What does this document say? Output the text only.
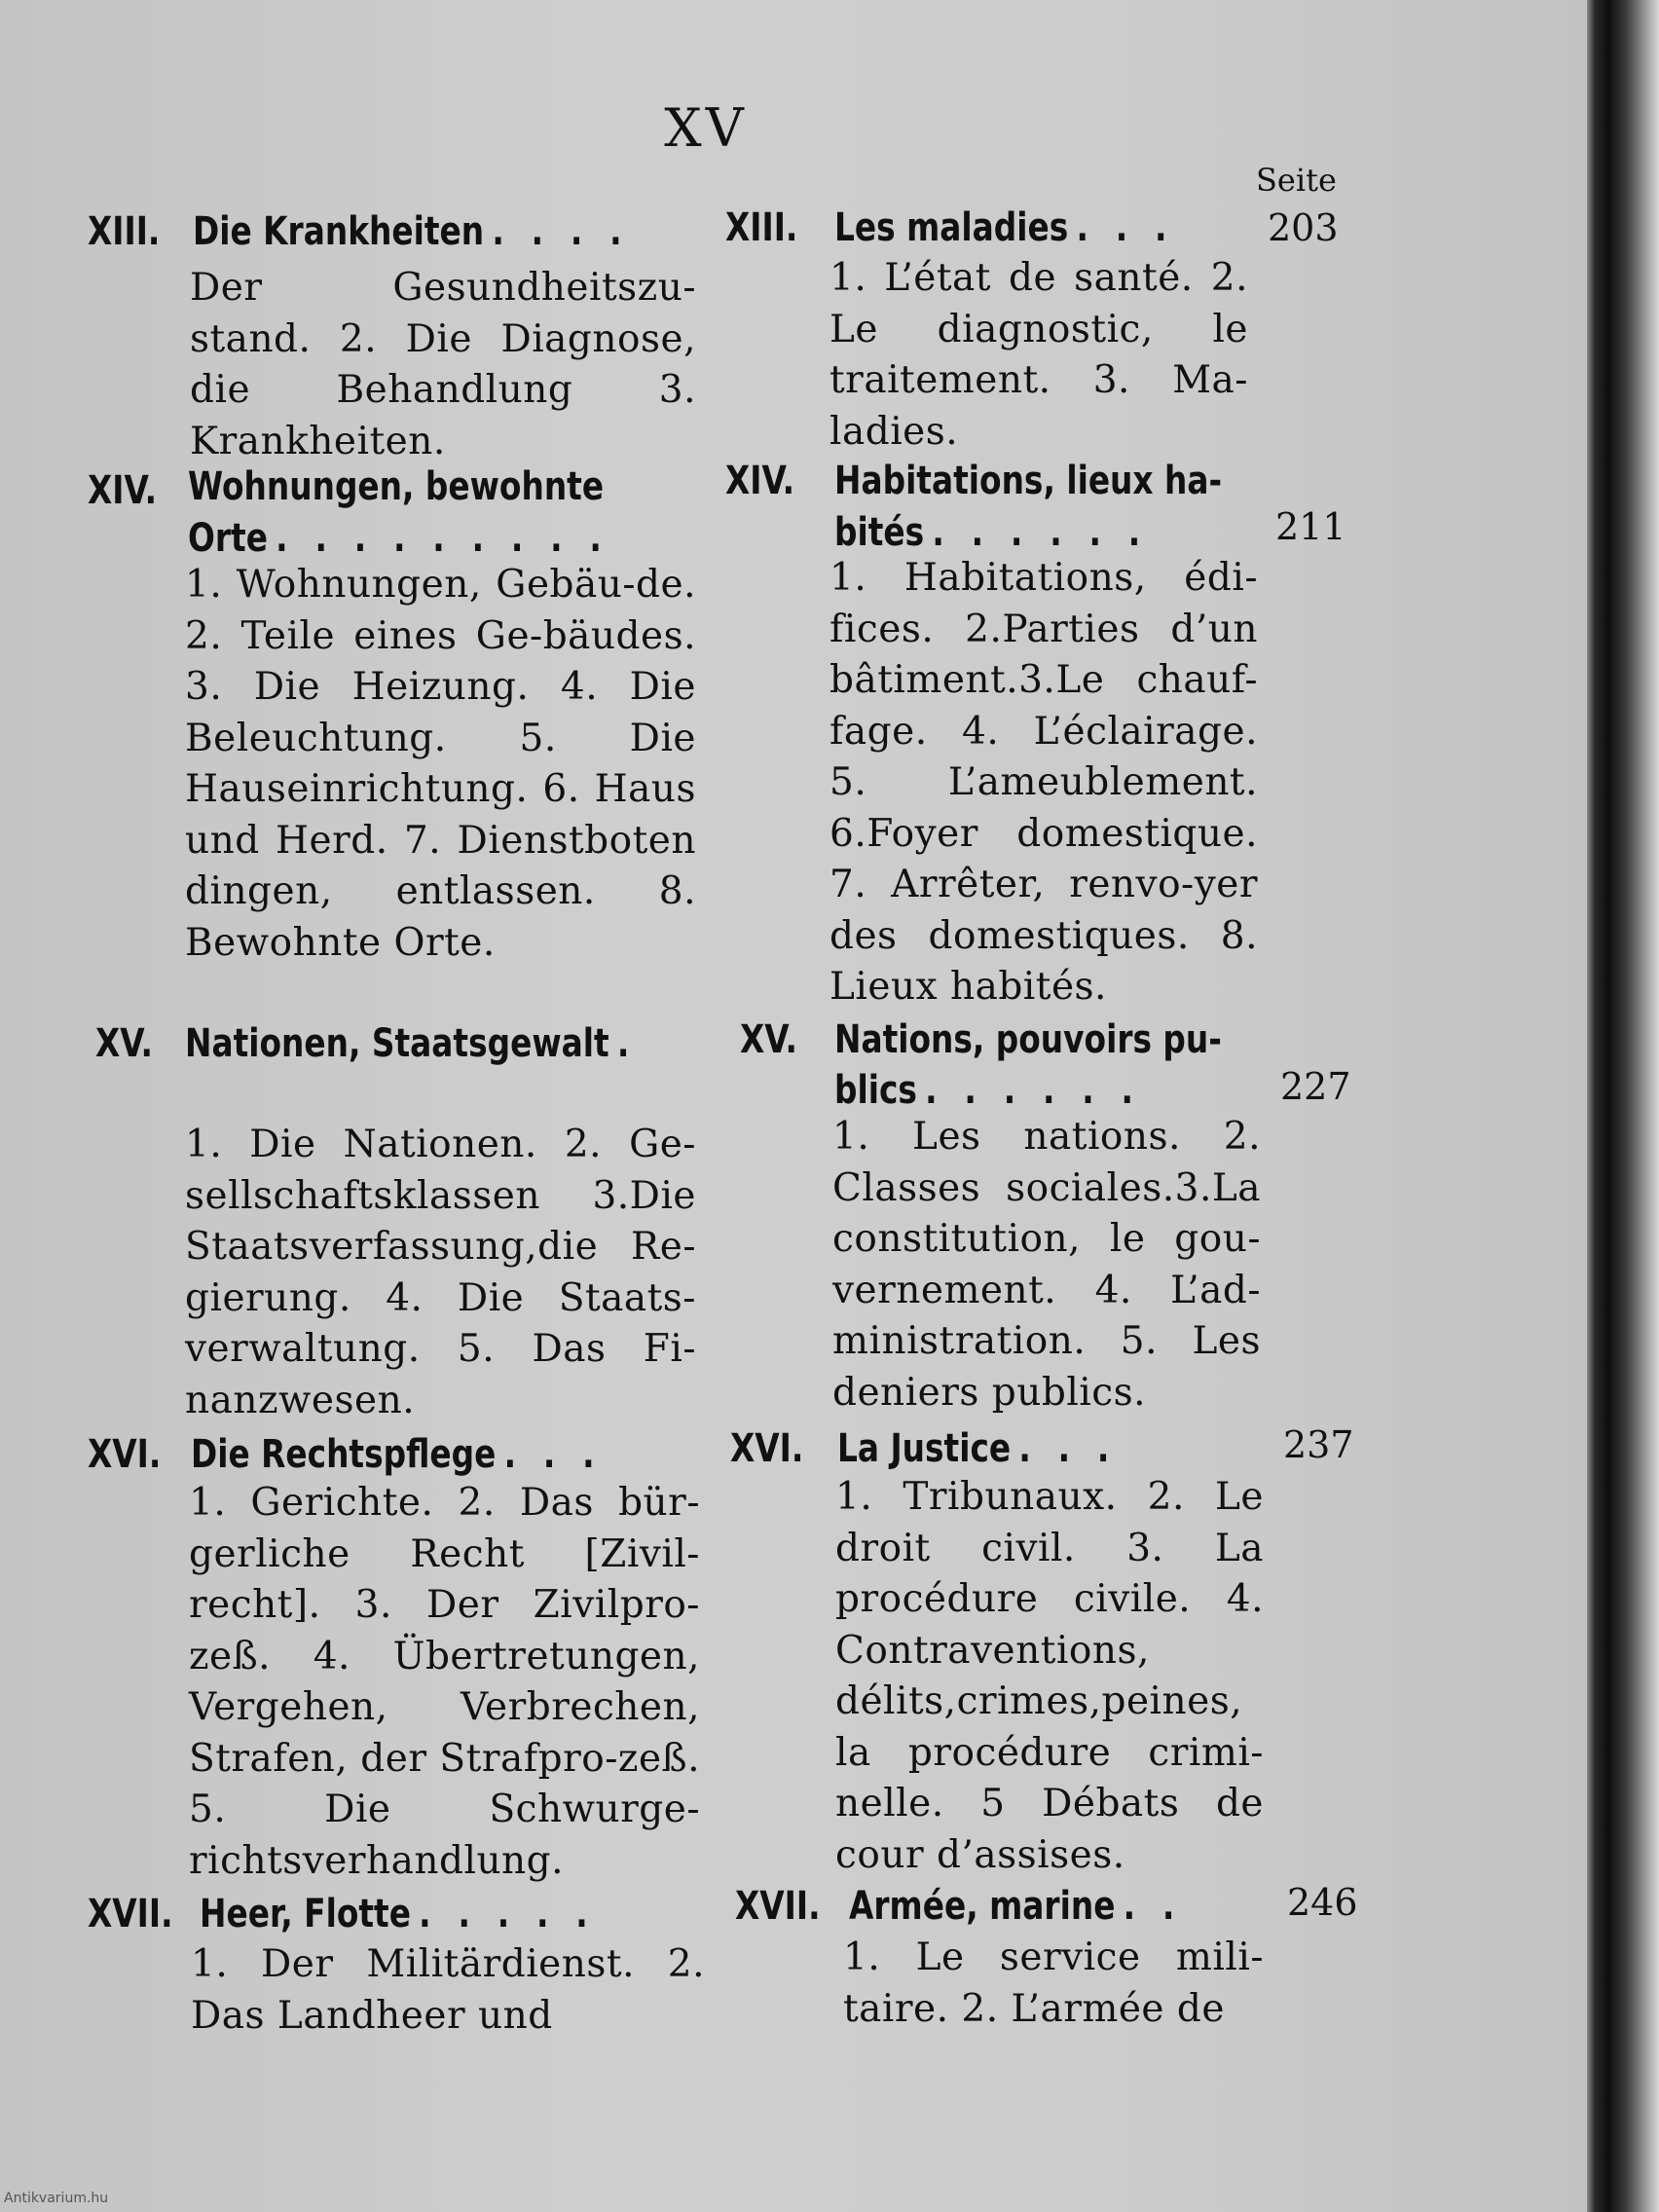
XV
Seite
XIII. Die Krankheiten . . . .
Der Gesundheitszu-stand. 2. Die Diagnose, die Behandlung 3. Krankheiten.
XIII. Les maladies . . .
1. L’état de santé. 2. Le diagnostic, le traitement. 3. Ma-ladies.
203
XIV. Wohnungen, bewohnte
Orte . . . . . . . . .
1. Wohnungen, Gebäu-de. 2. Teile eines Ge-bäudes. 3. Die Heizung. 4. Die Beleuchtung. 5. Die Hauseinrichtung. 6. Haus und Herd. 7. Dienstboten dingen, entlassen. 8. Bewohnte Orte.
XIV. Habitations, lieux ha-
bités . . . . . .
1. Habitations, édi-fices. 2.Parties d’un bâtiment.3.Le chauf-fage. 4. L’éclairage. 5. L’ameublement. 6.Foyer domestique. 7. Arrêter, renvo-yer des domestiques. 8. Lieux habités.
211
XV. Nationen, Staatsgewalt .
1. Die Nationen. 2. Ge-sellschaftsklassen 3.Die Staatsverfassung,die Re-gierung. 4. Die Staats-verwaltung. 5. Das Fi-nanzwesen.
XV. Nations, pouvoirs pu-
blics . . . . . .
1. Les nations. 2. Classes sociales.3.La constitution, le gou-vernement. 4. L’ad-ministration. 5. Les deniers publics.
227
XVI. Die Rechtspflege . . .
1. Gerichte. 2. Das bür-gerliche Recht [Zivil-recht]. 3. Der Zivilpro-zeß. 4. Übertretungen, Vergehen, Verbrechen, Strafen, der Strafpro-zeß. 5. Die Schwurge-richtsverhandlung.
XVI. La Justice . . .
1. Tribunaux. 2. Le droit civil. 3. La procédure civile. 4. Contraventions, délits,crimes,peines, la procédure crimi-nelle. 5 Débats de cour d’assises.
237
XVII. Heer, Flotte . . . . .
1. Der Militärdienst. 2. Das Landheer und
XVII. Armée, marine . .
1. Le service mili-taire. 2. L’armée de
246
Antikvarium.hu
